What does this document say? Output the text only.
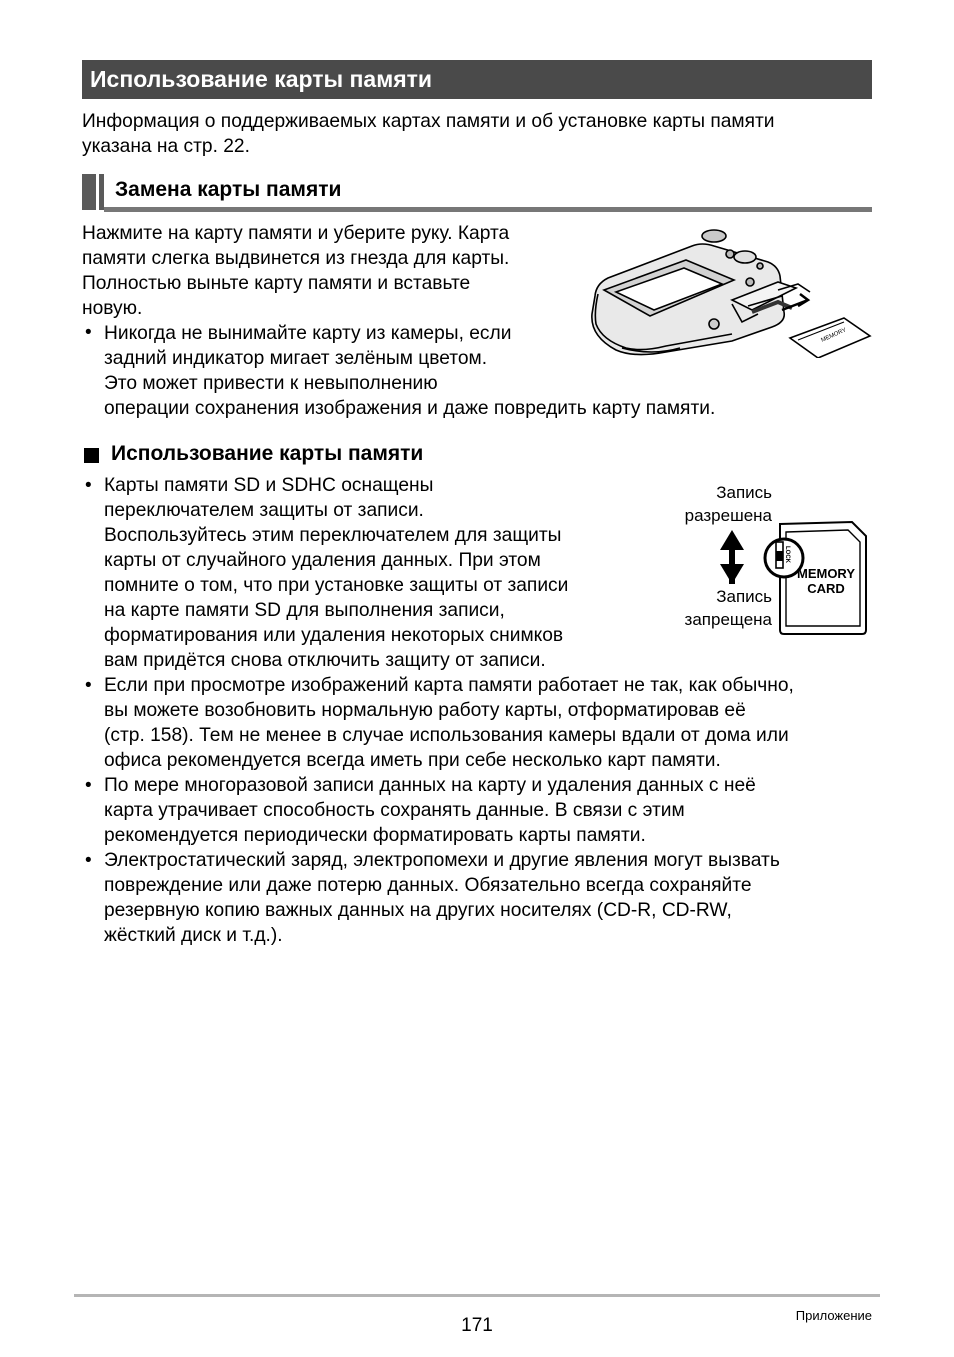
Использование карты памяти
Информация о поддерживаемых картах памяти и об установке карты памяти
указана на стр. 22.
Замена карты памяти
Нажмите на карту памяти и уберите руку. Карта
памяти слегка выдвинется из гнезда для карты.
Полностью выньте карту памяти и вставьте
новую.
• Никогда не вынимайте карту из камеры, если
задний индикатор мигает зелёным цветом.
Это может привести к невыполнению
операции сохранения изображения и даже повредить карту памяти.
MEMORY
Использование карты памяти
• Карты памяти SD и SDHC оснащены
переключателем защиты от записи.
Воспользуйтесь этим переключателем для защиты
карты от случайного удаления данных. При этом
помните о том, что при установке защиты от записи
на карте памяти SD для выполнения записи,
форматирования или удаления некоторых снимков
вам придётся снова отключить защиту от записи.
Запись
разрешена
Запись
запрещена
LOCK
MEMORY
CARD
• Если при просмотре изображений карта памяти работает не так, как обычно,
вы можете возобновить нормальную работу карты, отформатировав её
(стр. 158). Тем не менее в случае использования камеры вдали от дома или
офиса рекомендуется всегда иметь при себе несколько карт памяти.
• По мере многоразовой записи данных на карту и удаления данных с неё
карта утрачивает способность сохранять данные. В связи с этим
рекомендуется периодически форматировать карты памяти.
• Электростатический заряд, электропомехи и другие явления могут вызвать
повреждение или даже потерю данных. Обязательно всегда сохраняйте
резервную копию важных данных на других носителях (CD-R, CD-RW,
жёсткий диск и т.д.).
171	Приложение
